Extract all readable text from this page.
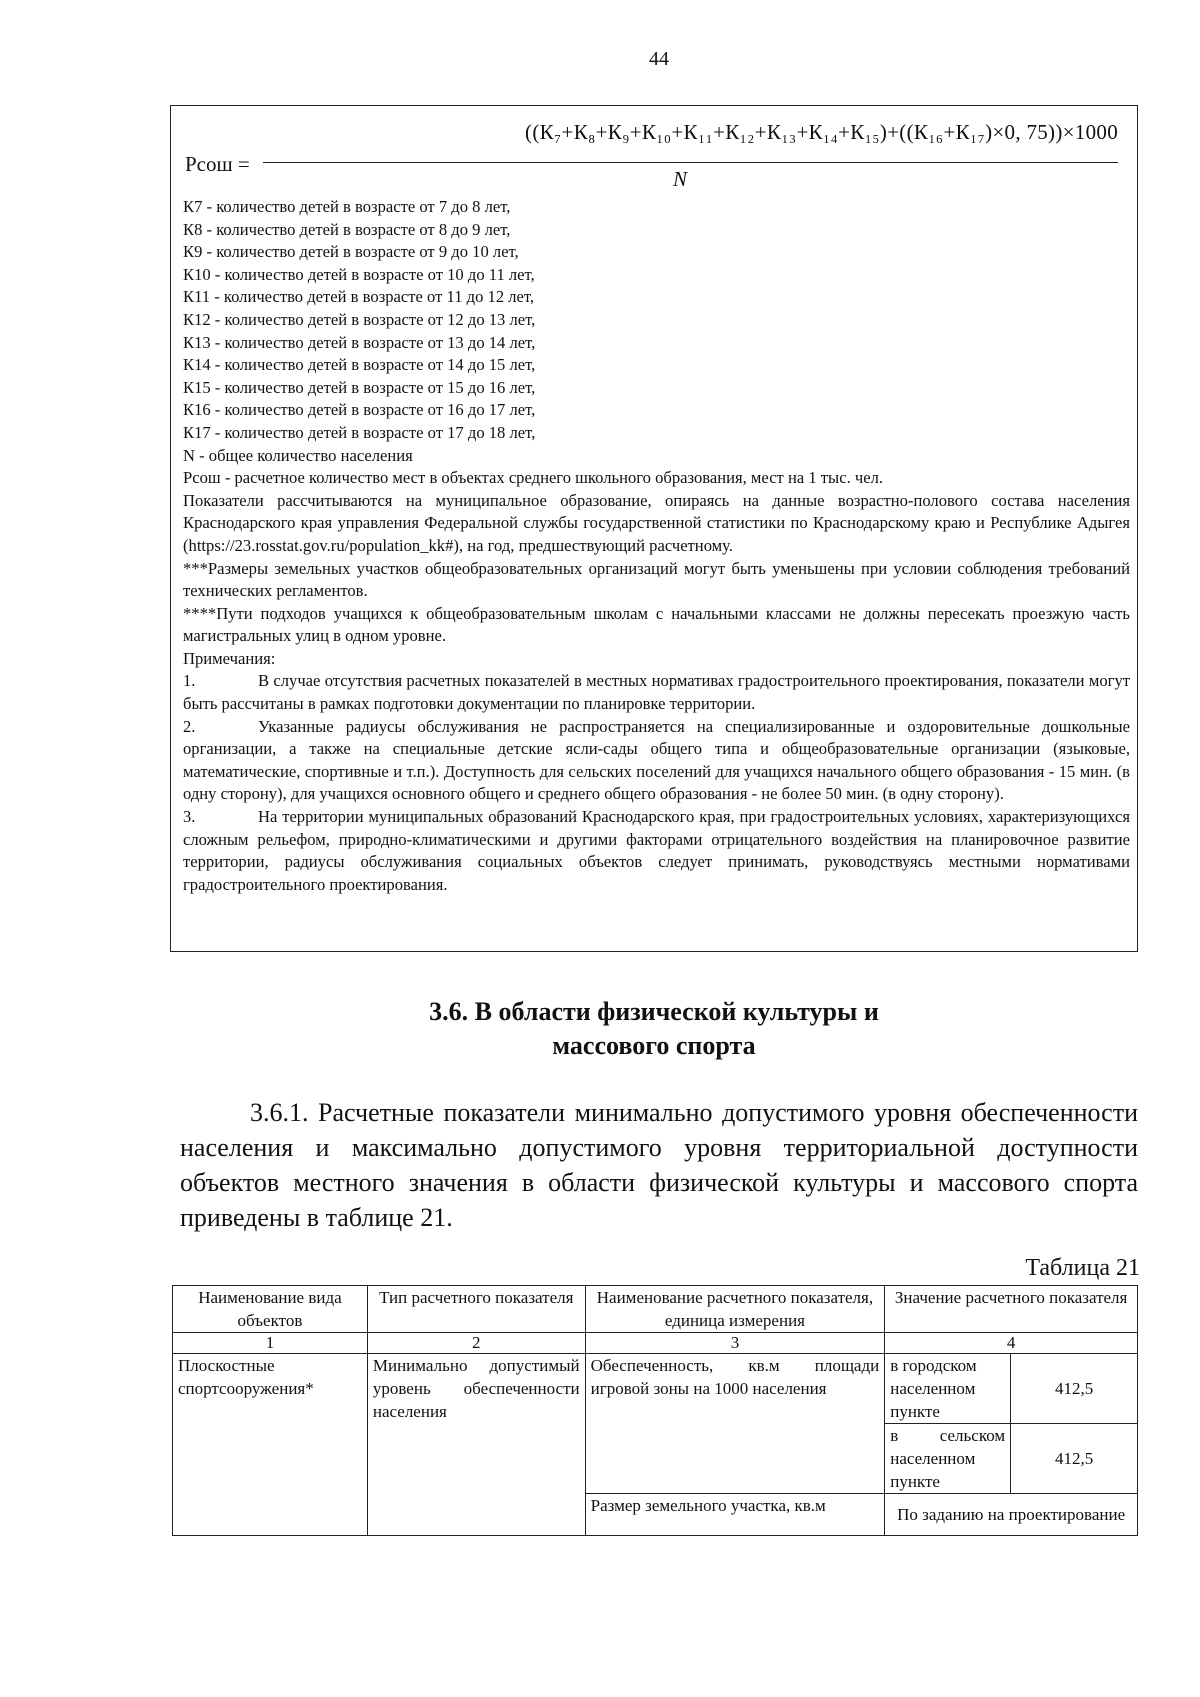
44
Рсош =
((К₇+К₈+К₉+К₁₀+К₁₁+К₁₂+К₁₃+К₁₄+К₁₅)+((К₁₆+К₁₇)×0, 75))×1000
N
К7 - количество детей в возрасте от 7 до 8 лет,
К8 - количество детей в возрасте от 8 до 9 лет,
К9 - количество детей в возрасте от 9 до 10 лет,
К10 - количество детей в возрасте от 10 до 11 лет,
К11 - количество детей в возрасте от 11 до 12 лет,
К12 - количество детей в возрасте от 12 до 13 лет,
К13 - количество детей в возрасте от 13 до 14 лет,
К14 - количество детей в возрасте от 14 до 15 лет,
К15 - количество детей в возрасте от 15 до 16 лет,
К16 - количество детей в возрасте от 16 до 17 лет,
К17 - количество детей в возрасте от 17 до 18 лет,
N - общее количество населения
Рсош - расчетное количество мест в объектах среднего школьного образования, мест на 1 тыс. чел.
Показатели рассчитываются на муниципальное образование, опираясь на данные возрастно-полового состава населения Краснодарского края управления Федеральной службы государственной статистики по Краснодарскому краю и Республике Адыгея (https://23.rosstat.gov.ru/population_kk#), на год, предшествующий расчетному.
***Размеры земельных участков общеобразовательных организаций могут быть уменьшены при условии соблюдения требований технических регламентов.
****Пути подходов учащихся к общеобразовательным школам с начальными классами не должны пересекать проезжую часть магистральных улиц в одном уровне.
Примечания:
1.	В случае отсутствия расчетных показателей в местных нормативах градостроительного проектирования, показатели могут быть рассчитаны в рамках подготовки документации по планировке территории.
2.	Указанные радиусы обслуживания не распространяется на специализированные и оздоровительные дошкольные организации, а также на специальные детские ясли-сады общего типа и общеобразовательные организации (языковые, математические, спортивные и т.п.). Доступность для сельских поселений для учащихся начального общего образования - 15 мин. (в одну сторону), для учащихся основного общего и среднего общего образования - не более 50 мин. (в одну сторону).
3.	На территории муниципальных образований Краснодарского края, при градостроительных условиях, характеризующихся сложным рельефом, природно-климатическими и другими факторами отрицательного воздействия на планировочное развитие территории, радиусы обслуживания социальных объектов следует принимать, руководствуясь местными нормативами градостроительного проектирования.
3.6. В области физической культуры и
массового спорта
3.6.1. Расчетные показатели минимально допустимого уровня обеспеченности населения и максимально допустимого уровня территориальной доступности объектов местного значения в области физической культуры и массового спорта приведены в таблице 21.
Таблица 21
Наименование вида объектов	Тип расчетного показателя	Наименование расчетного показателя, единица измерения	Значение расчетного показателя	
1	2	3	4	
Плоскостные спортсооружения*	Минимально допустимый уровень обеспеченности населения	Обеспеченность, кв.м площади игровой зоны на 1000 населения	в городском населенном пункте	412,5
			в сельском населенном пункте	412,5
		Размер земельного участка, кв.м	По заданию на проектирование	
